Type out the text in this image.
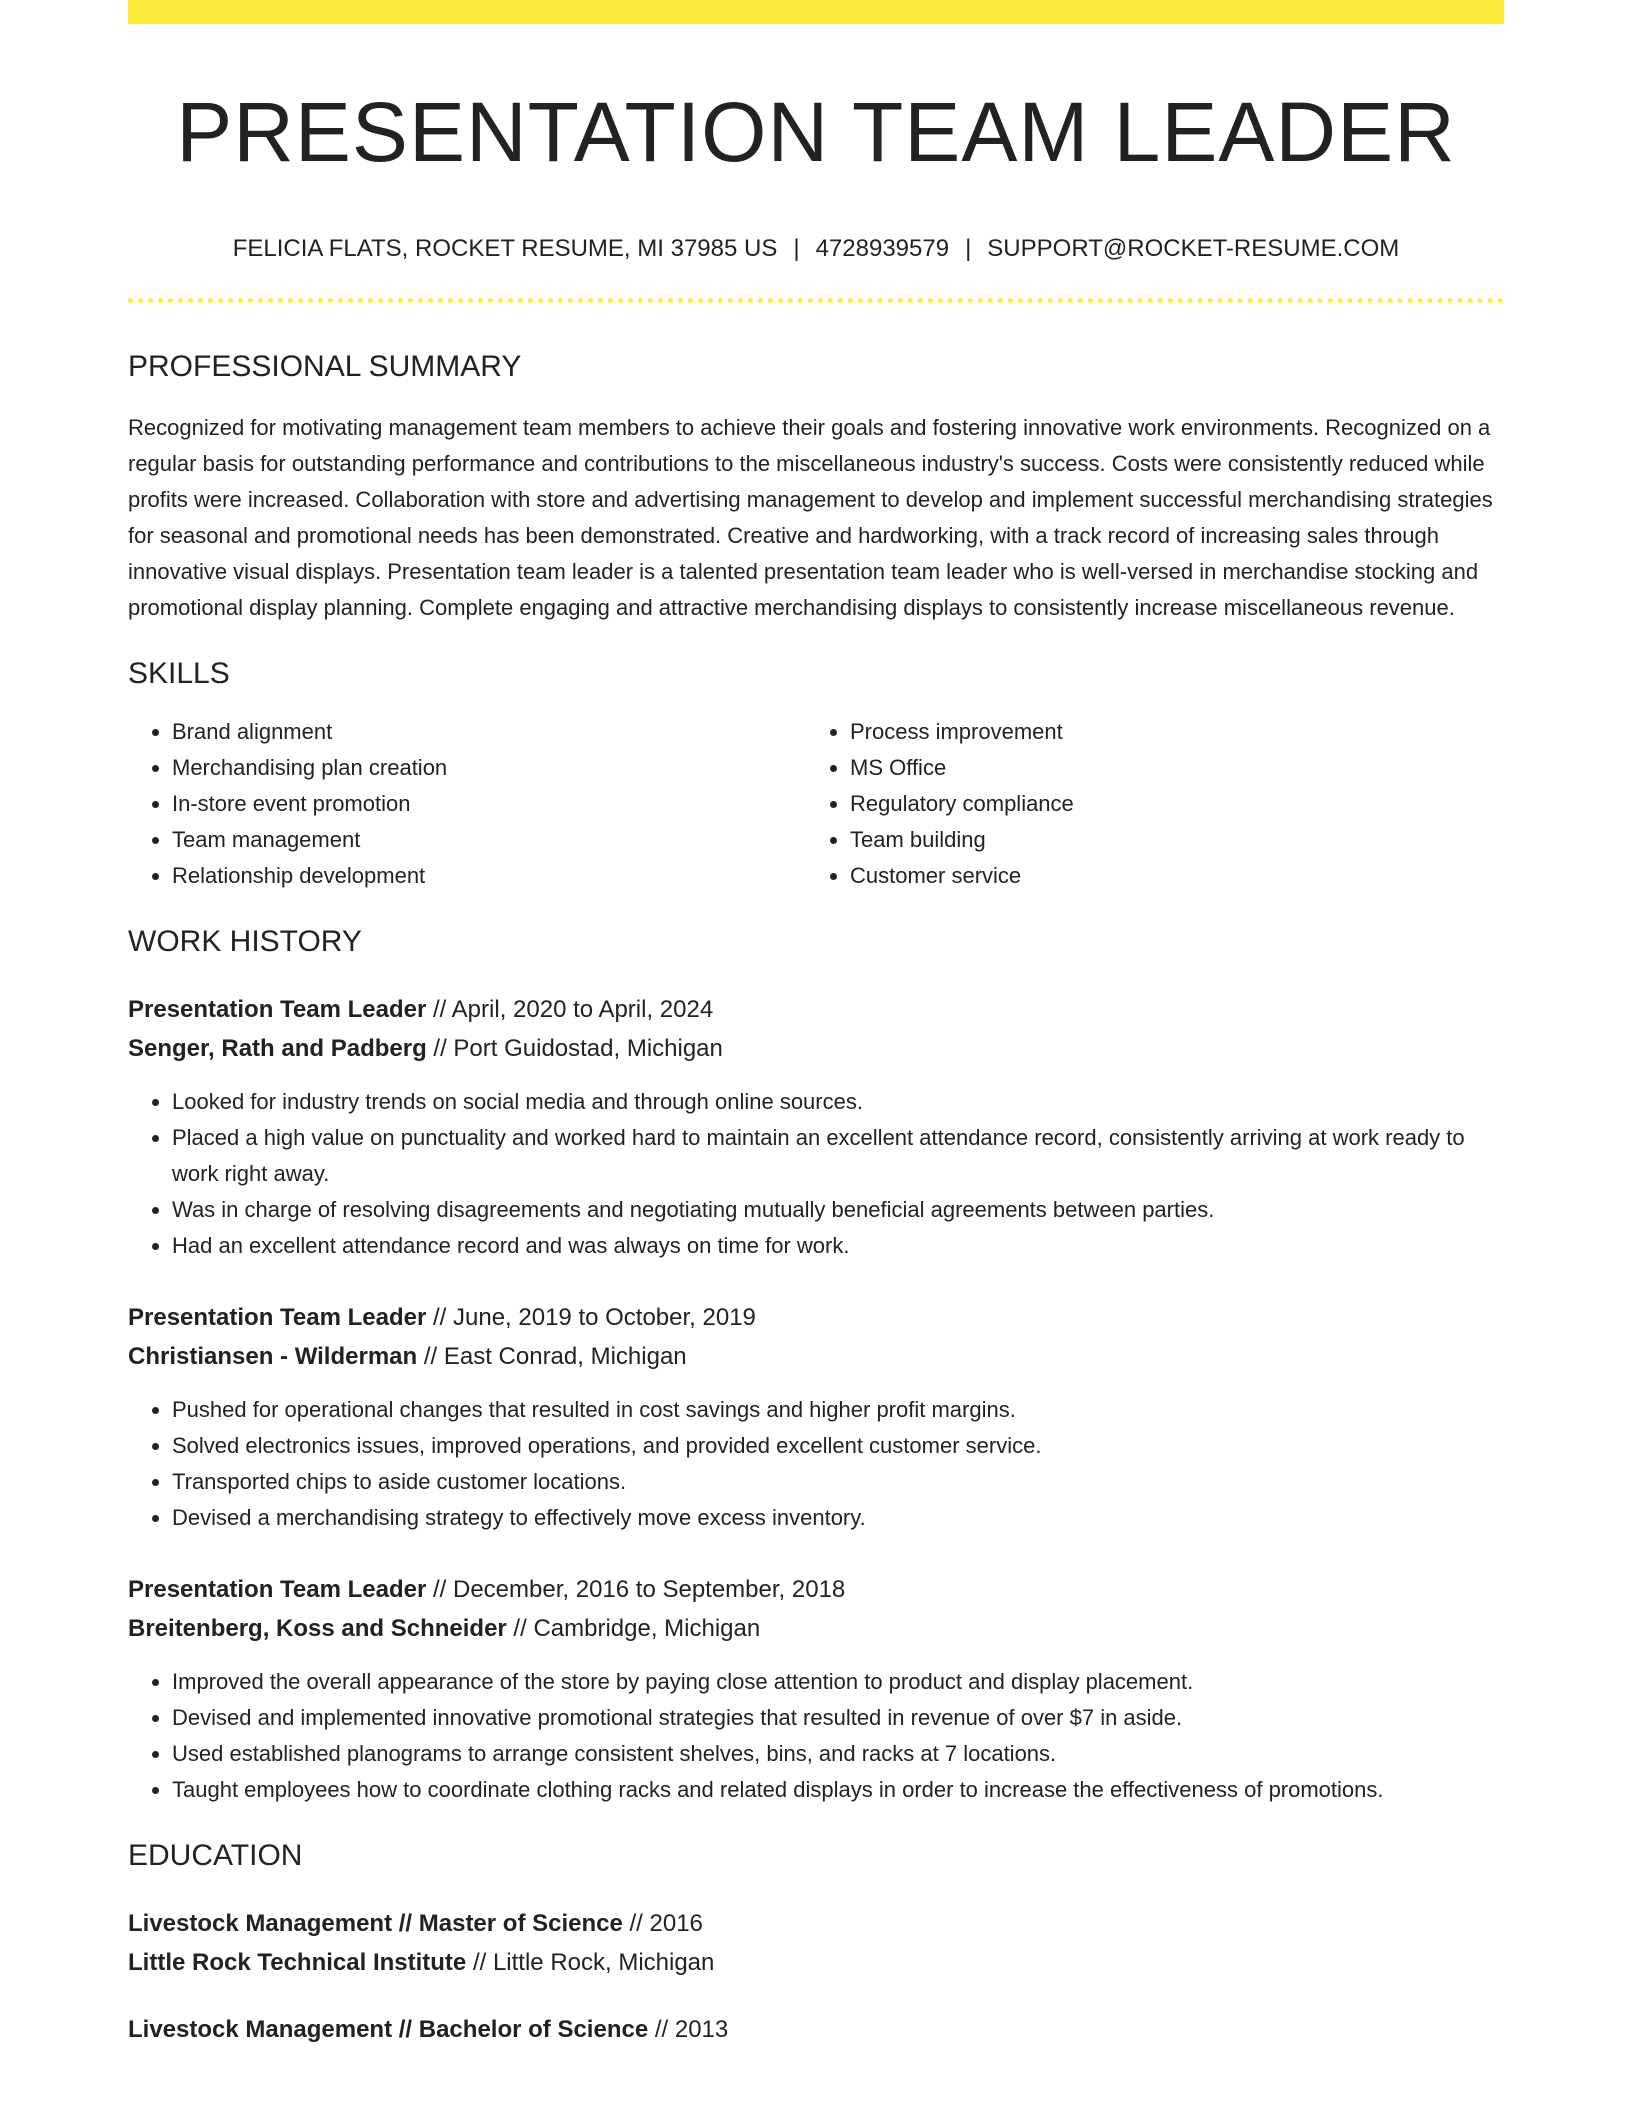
PRESENTATION TEAM LEADER
FELICIA FLATS, ROCKET RESUME, MI 37985 US | 4728939579 | SUPPORT@ROCKET-RESUME.COM
PROFESSIONAL SUMMARY

Recognized for motivating management team members to achieve their goals and fostering innovative work environments. Recognized on a regular basis for outstanding performance and contributions to the miscellaneous industry's success. Costs were consistently reduced while profits were increased. Collaboration with store and advertising management to develop and implement successful merchandising strategies for seasonal and promotional needs has been demonstrated. Creative and hardworking, with a track record of increasing sales through innovative visual displays. Presentation team leader is a talented presentation team leader who is well-versed in merchandise stocking and promotional display planning. Complete engaging and attractive merchandising displays to consistently increase miscellaneous revenue.

SKILLS
• Brand alignment
• Merchandising plan creation
• In-store event promotion
• Team management
• Relationship development
• Process improvement
• MS Office
• Regulatory compliance
• Team building
• Customer service
WORK HISTORY
Presentation Team Leader // April, 2020 to April, 2024
Senger, Rath and Padberg // Port Guidostad, Michigan
• Looked for industry trends on social media and through online sources.
• Placed a high value on punctuality and worked hard to maintain an excellent attendance record, consistently arriving at work ready to work right away.
• Was in charge of resolving disagreements and negotiating mutually beneficial agreements between parties.
• Had an excellent attendance record and was always on time for work.
Presentation Team Leader // June, 2019 to October, 2019
Christiansen - Wilderman // East Conrad, Michigan
• Pushed for operational changes that resulted in cost savings and higher profit margins.
• Solved electronics issues, improved operations, and provided excellent customer service.
• Transported chips to aside customer locations.
• Devised a merchandising strategy to effectively move excess inventory.
Presentation Team Leader // December, 2016 to September, 2018
Breitenberg, Koss and Schneider // Cambridge, Michigan
• Improved the overall appearance of the store by paying close attention to product and display placement.
• Devised and implemented innovative promotional strategies that resulted in revenue of over $7 in aside.
• Used established planograms to arrange consistent shelves, bins, and racks at 7 locations.
• Taught employees how to coordinate clothing racks and related displays in order to increase the effectiveness of promotions.
EDUCATION
Livestock Management // Master of Science // 2016
Little Rock Technical Institute // Little Rock, Michigan
Livestock Management // Bachelor of Science // 2013
